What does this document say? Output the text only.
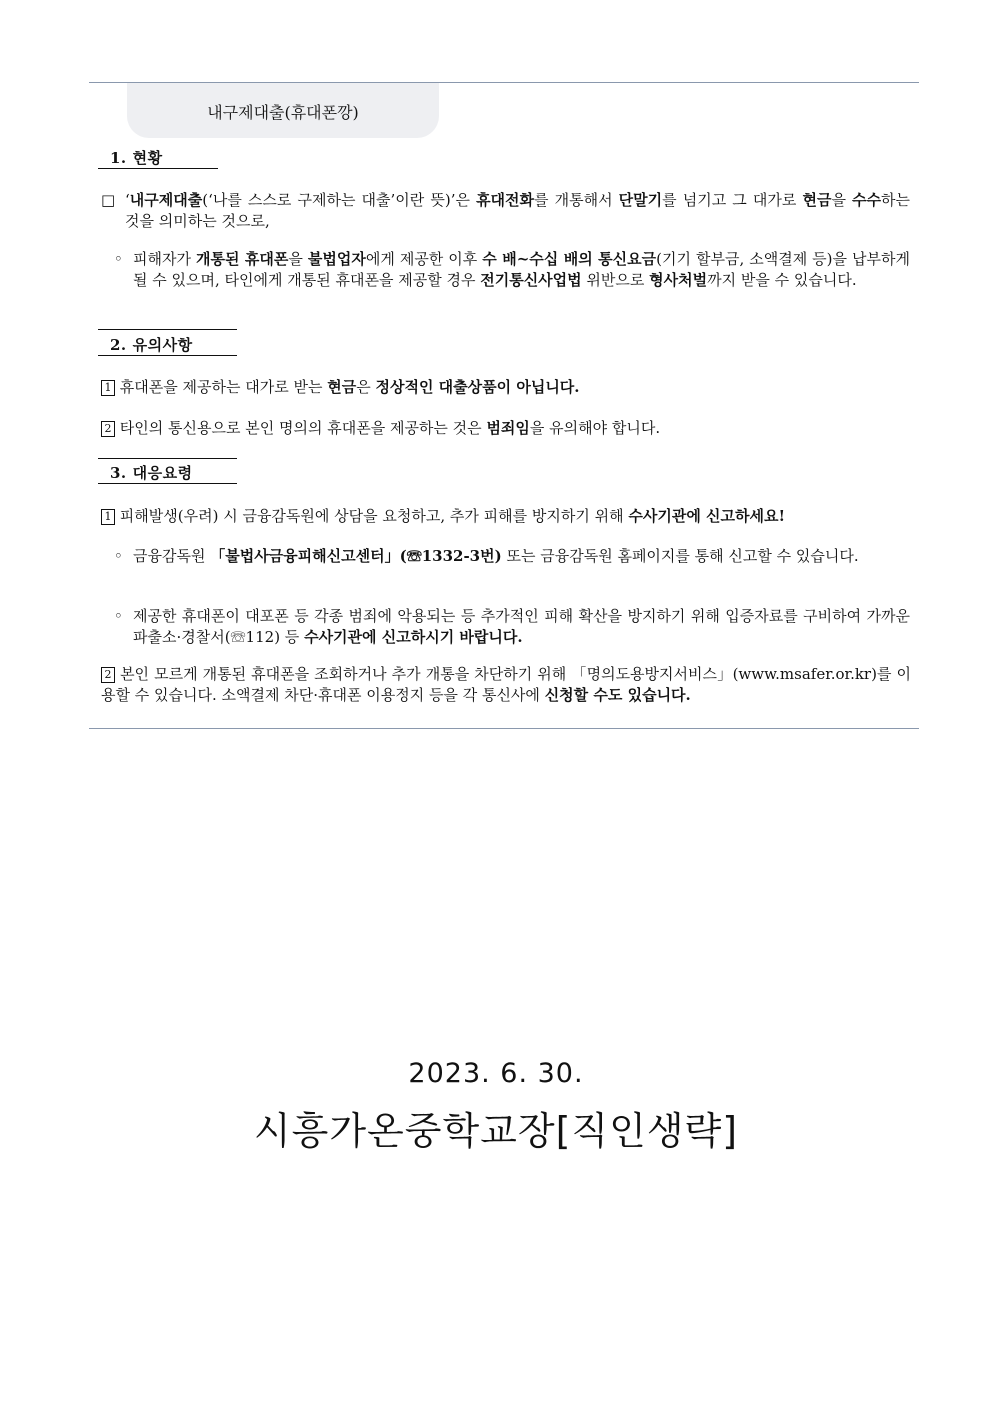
내구제대출(휴대폰깡)
1. 현황
□ ‘내구제대출(‘나를 스스로 구제하는 대출’이란 뜻)’은 휴대전화를 개통해서 단말기를 넘기고 그 대가로 현금을 수수하는 것을 의미하는 것으로,
◦ 피해자가 개통된 휴대폰을 불법업자에게 제공한 이후 수 배~수십 배의 통신요금(기기 할부금, 소액결제 등)을 납부하게 될 수 있으며, 타인에게 개통된 휴대폰을 제공할 경우 전기통신사업법 위반으로 형사처벌까지 받을 수 있습니다.
2. 유의사항
1 휴대폰을 제공하는 대가로 받는 현금은 정상적인 대출상품이 아닙니다.
2 타인의 통신용으로 본인 명의의 휴대폰을 제공하는 것은 범죄임을 유의해야 합니다.
3. 대응요령
1 피해발생(우려) 시 금융감독원에 상담을 요청하고, 추가 피해를 방지하기 위해 수사기관에 신고하세요!
◦ 금융감독원 「불법사금융피해신고센터」(☏1332-3번) 또는 금융감독원 홈페이지를 통해 신고할 수 있습니다.
◦ 제공한 휴대폰이 대포폰 등 각종 범죄에 악용되는 등 추가적인 피해 확산을 방지하기 위해 입증자료를 구비하여 가까운 파출소·경찰서(☏112) 등 수사기관에 신고하시기 바랍니다.
2 본인 모르게 개통된 휴대폰을 조회하거나 추가 개통을 차단하기 위해 「명의도용방지서비스」(www.msafer.or.kr)를 이용할 수 있습니다. 소액결제 차단·휴대폰 이용정지 등을 각 통신사에 신청할 수도 있습니다.
2023. 6. 30.
시흥가온중학교장[직인생략]
